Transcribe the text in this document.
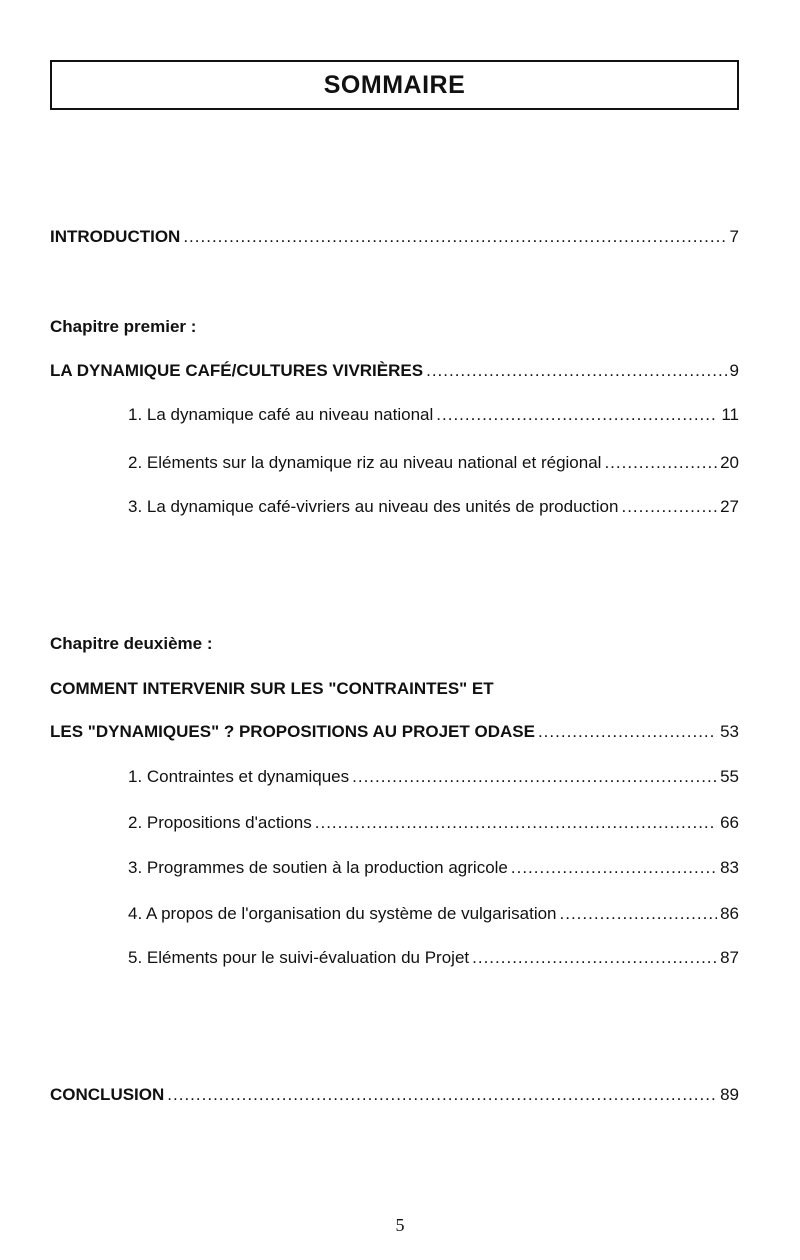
SOMMAIRE
INTRODUCTION .....	7
Chapitre premier :
LA DYNAMIQUE CAFÉ/CULTURES VIVRIÈRES .....	9
1. La dynamique café au niveau national .....	11
2. Eléments sur la dynamique riz au niveau national et régional .....	20
3. La dynamique café-vivriers au niveau des unités de production .....	27
Chapitre deuxième :
COMMENT INTERVENIR SUR LES "CONTRAINTES" ET
LES "DYNAMIQUES" ? PROPOSITIONS AU PROJET ODASE .....	53
1. Contraintes et dynamiques .....	55
2. Propositions d'actions .....	66
3. Programmes de soutien à la production agricole .....	83
4. A propos de l'organisation du système de vulgarisation .....	86
5. Eléments pour le suivi-évaluation du Projet .....	87
CONCLUSION .....	89
5
